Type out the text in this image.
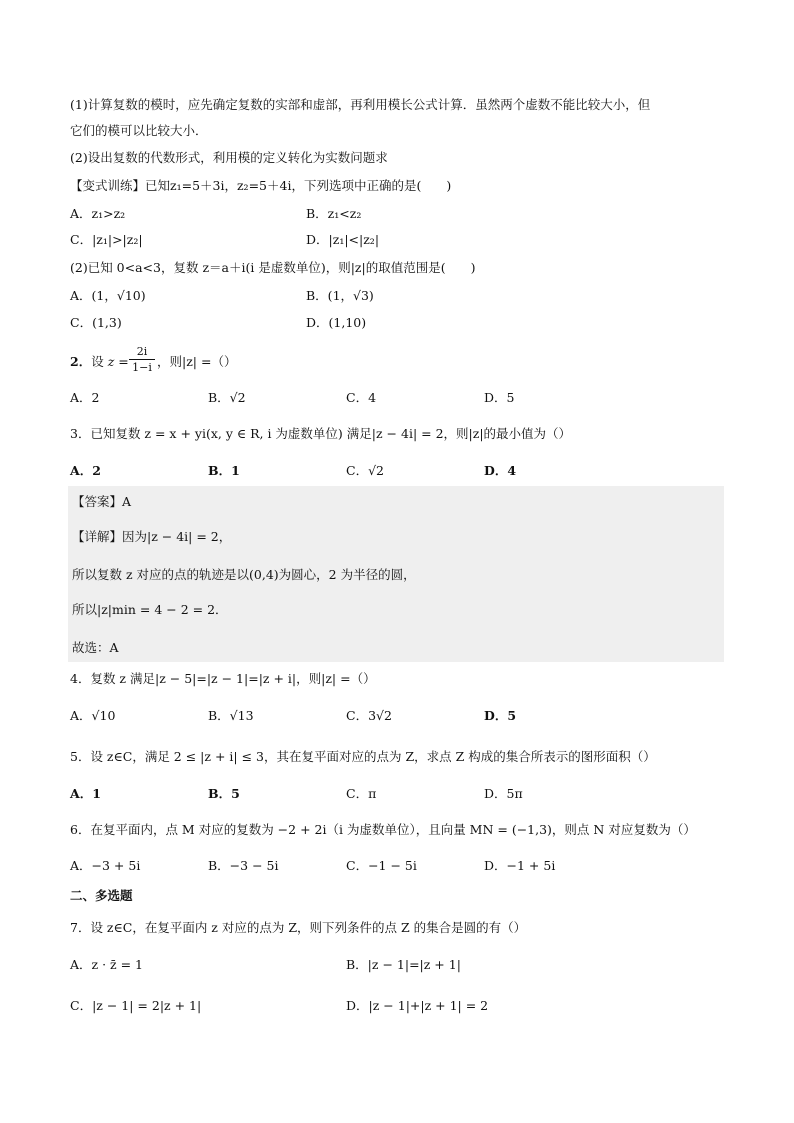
(1)计算复数的模时，应先确定复数的实部和虚部，再利用模长公式计算．虽然两个虚数不能比较大小，但
它们的模可以比较大小．
(2)设出复数的代数形式，利用模的定义转化为实数问题求
【变式训练】已知z₁=5＋3i，z₂=5＋4i，下列选项中正确的是(　　)
A．z₁>z₂	B．z₁<z₂
C．|z₁|>|z₂|	D．|z₁|<|z₂|
(2)已知 0<a<3，复数 z＝a＋i(i 是虚数单位)，则|z|的取值范围是(　　)
A．(1，√10)	B．(1，√3)
C．(1,3)	D．(1,10)
2．设 z =
2i
1−i ，则|z| =（）
A．2	B．√2	C．4	D．5
3．已知复数 z = x + yi(x, y ∈ R, i 为虚数单位) 满足|z − 4i| = 2，则|z|的最小值为（）
A．2	B．1	C．√2	D．4
【答案】A
【详解】因为|z − 4i| = 2，
所以复数 z 对应的点的轨迹是以(0,4)为圆心，2 为半径的圆，
所以|z|min = 4 − 2 = 2．
故选：A
4．复数 z 满足|z − 5|=|z − 1|=|z + i|，则|z| =（）
A．√10	B．√13	C．3√2	D．5
5．设 z∈C，满足 2 ≤ |z + i| ≤ 3，其在复平面对应的点为 Z，求点 Z 构成的集合所表示的图形面积（）
A．1	B．5	C．π	D．5π
6．在复平面内，点 M 对应的复数为 −2 + 2i（i 为虚数单位），且向量 MN = (−1,3)，则点 N 对应复数为（）
A．−3 + 5i	B．−3 − 5i	C．−1 − 5i	D．−1 + 5i
二、多选题
7．设 z∈C，在复平面内 z 对应的点为 Z，则下列条件的点 Z 的集合是圆的有（）
A．z · z̄ = 1	B．|z − 1|=|z + 1|
C．|z − 1| = 2|z + 1|	D．|z − 1|+|z + 1| = 2
